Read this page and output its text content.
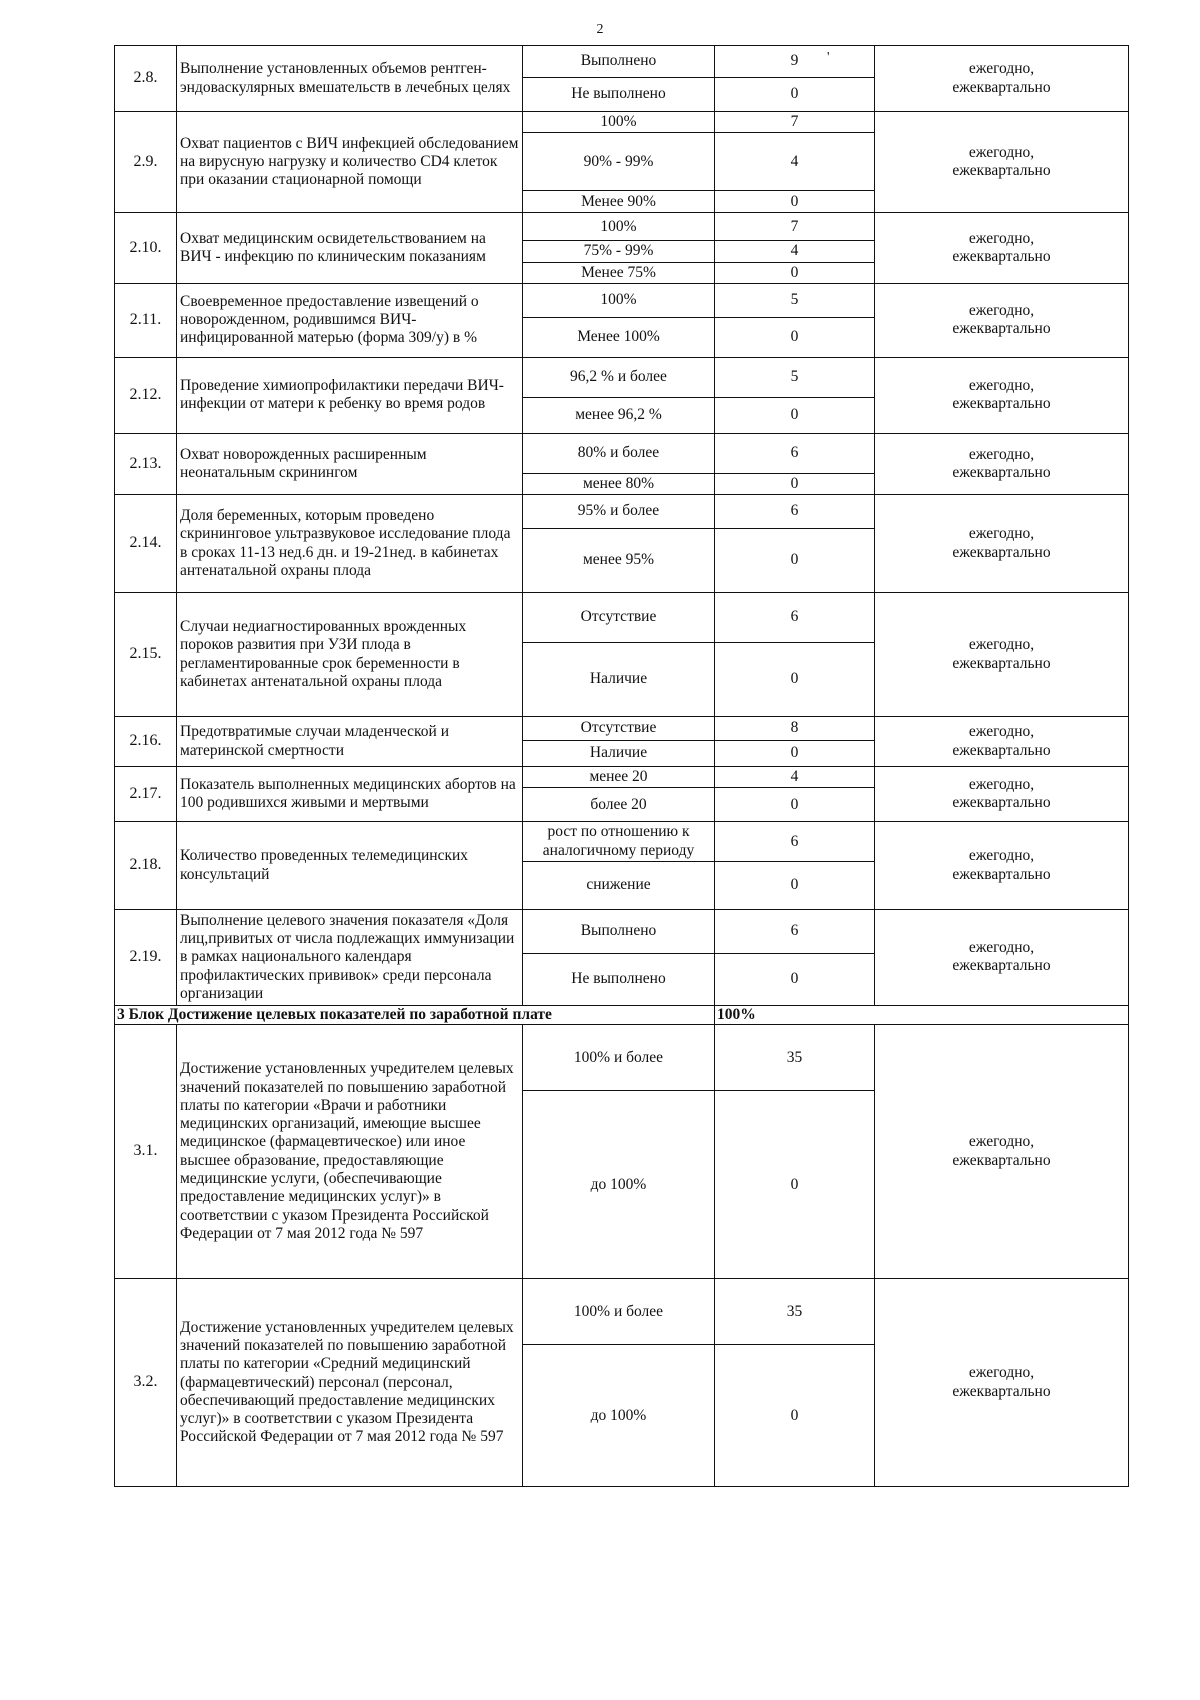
2
'
2.8.	Выполнение установленных объемов рентген-эндоваскулярных вмешательств в лечебных целях	Выполнено	9	ежегодно,
ежеквартально

		Не выполнено	0	
2.9.	Охват пациентов с ВИЧ инфекцией обследованием на вирусную нагрузку и количество CD4 клеток при оказании стационарной помощи	100%	7	ежегодно,
ежеквартально

		90% - 99%	4	
		Менее 90%	0	
2.10.	Охват медицинским освидетельствованием на ВИЧ - инфекцию по клиническим показаниям	100%	7	ежегодно,
ежеквартально

		75% - 99%	4	
		Менее 75%	0	
2.11.	Своевременное предоставление извещений о новорожденном, родившимся ВИЧ-инфицированной матерью (форма 309/у) в %	100%	5	ежегодно,
ежеквартально

		Менее 100%	0	
2.12.	Проведение химиопрофилактики передачи ВИЧ-инфекции от матери к ребенку во время родов	96,2 % и более	5	ежегодно,
ежеквартально

		менее 96,2 %	0	
2.13.	Охват новорожденных расширенным неонатальным скринингом	80% и более	6	ежегодно,
ежеквартально

		менее 80%	0	
2.14.	Доля беременных, которым проведено скрининговое ультразвуковое исследование плода в сроках 11-13 нед.6 дн. и 19-21нед. в кабинетах антенатальной охраны плода	95% и более	6	ежегодно,
ежеквартально

		менее 95%	0	
2.15.	Случаи недиагностированных врожденных пороков развития при УЗИ плода в регламентированные срок беременности в кабинетах антенатальной охраны плода	Отсутствие	6	ежегодно,
ежеквартально

		Наличие	0	
2.16.	Предотвратимые случаи младенческой и материнской смертности	Отсутствие	8	ежегодно,
ежеквартально

		Наличие	0	
2.17.	Показатель выполненных медицинских абортов на 100 родившихся живыми и мертвыми	менее 20	4	ежегодно,
ежеквартально

		более 20	0	
2.18.	Количество проведенных телемедицинских консультаций	рост по отношению к аналогичному периоду	6	ежегодно,
ежеквартально

		снижение	0	
2.19.	Выполнение целевого значения показателя «Доля лиц,привитых от числа подлежащих иммунизации в рамках национального календаря профилактических прививок» среди персонала организации	Выполнено	6	ежегодно,
ежеквартально

		Не выполнено	0	
3 Блок Достижение целевых показателей по заработной плате			100%	
3.1.	Достижение установленных учредителем целевых значений показателей по повышению заработной платы по категории «Врачи и работники медицинских организаций, имеющие высшее медицинское (фармацевтическое) или иное высшее образование, предоставляющие медицинские услуги, (обеспечивающие предоставление медицинских услуг)» в соответствии с указом Президента Российской Федерации от 7 мая 2012 года № 597	100% и более	35	ежегодно,
ежеквартально

		до 100%	0	
3.2.	Достижение установленных учредителем целевых значений показателей по повышению заработной платы по категории «Средний медицинский (фармацевтический) персонал (персонал, обеспечивающий предоставление медицинских услуг)» в соответствии с указом Президента Российской Федерации от 7 мая 2012 года № 597	100% и более	35	ежегодно,
ежеквартально

		до 100%	0	
